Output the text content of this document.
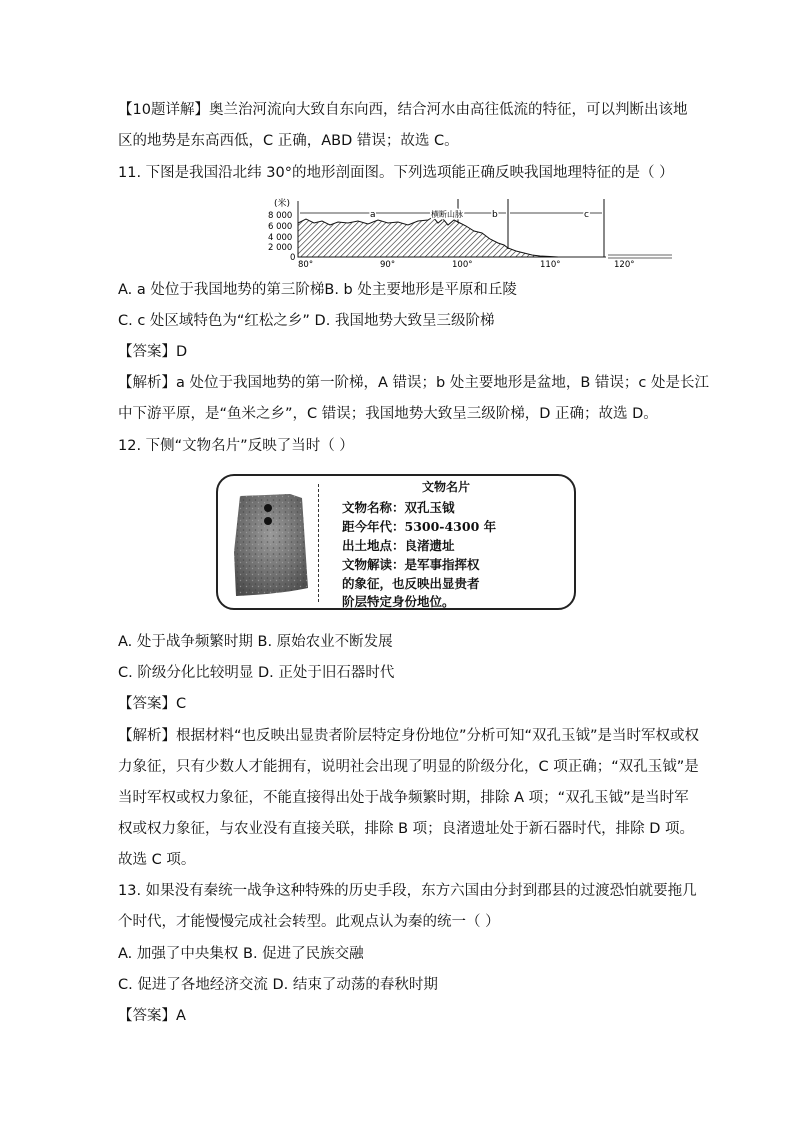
【10题详解】奥兰治河流向大致自东向西，结合河水由高往低流的特征，可以判断出该地
区的地势是东高西低，C 正确，ABD 错误；故选 C。
11. 下图是我国沿北纬 30°的地形剖面图。下列选项能正确反映我国地理特征的是（ ）
(米)
8 000
6 000
4 000
2 000
0
a	横断山脉	b	c
80°	90°	100°	110°	120°
A. a 处位于我国地势的第三阶梯B. b 处主要地形是平原和丘陵
C. c 处区域特色为“红松之乡” D. 我国地势大致呈三级阶梯
【答案】D
【解析】a 处位于我国地势的第一阶梯，A 错误；b 处主要地形是盆地，B 错误；c 处是长江
中下游平原，是“鱼米之乡”，C 错误；我国地势大致呈三级阶梯，D 正确；故选 D。
12. 下侧“文物名片”反映了当时（ ）
文物名片
文物名称：双孔玉钺
距今年代：5300-4300 年
出土地点：良渚遗址
文物解读：是军事指挥权
的象征，也反映出显贵者
阶层特定身份地位。
A. 处于战争频繁时期 B. 原始农业不断发展
C. 阶级分化比较明显 D. 正处于旧石器时代
【答案】C
【解析】根据材料“也反映出显贵者阶层特定身份地位”分析可知“双孔玉钺”是当时军权或权
力象征，只有少数人才能拥有，说明社会出现了明显的阶级分化，C 项正确；“双孔玉钺”是
当时军权或权力象征，不能直接得出处于战争频繁时期，排除 A 项；“双孔玉钺”是当时军
权或权力象征，与农业没有直接关联，排除 B 项；良渚遗址处于新石器时代，排除 D 项。
故选 C 项。
13. 如果没有秦统一战争这种特殊的历史手段，东方六国由分封到郡县的过渡恐怕就要拖几
个时代，才能慢慢完成社会转型。此观点认为秦的统一（ ）
A. 加强了中央集权 B. 促进了民族交融
C. 促进了各地经济交流 D. 结束了动荡的春秋时期
【答案】A
